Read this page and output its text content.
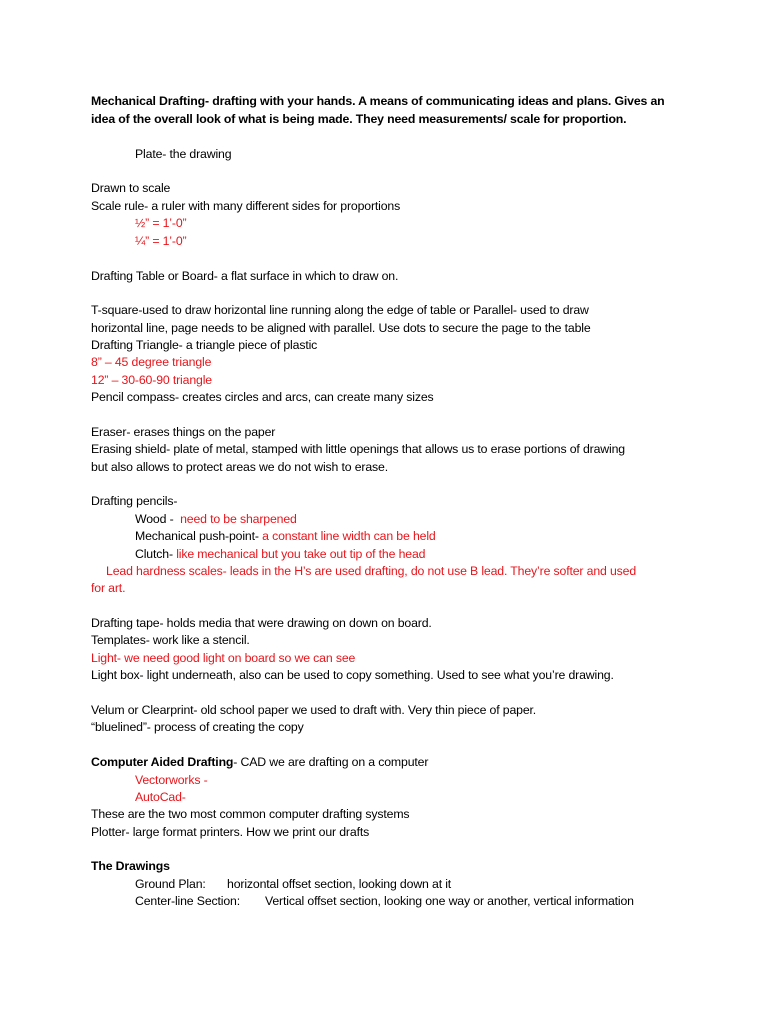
Mechanical Drafting- drafting with your hands. A means of communicating ideas and plans. Gives an
idea of the overall look of what is being made. They need measurements/ scale for proportion.
Plate- the drawing
Drawn to scale
Scale rule- a ruler with many different sides for proportions
½” = 1’-0”
¼” = 1’-0”
Drafting Table or Board- a flat surface in which to draw on.
T-square-used to draw horizontal line running along the edge of table or Parallel- used to draw
horizontal line, page needs to be aligned with parallel. Use dots to secure the page to the table
Drafting Triangle- a triangle piece of plastic
8” – 45 degree triangle
12” – 30-60-90 triangle
Pencil compass- creates circles and arcs, can create many sizes
Eraser- erases things on the paper
Erasing shield- plate of metal, stamped with little openings that allows us to erase portions of drawing
but also allows to protect areas we do not wish to erase.
Drafting pencils-
Wood - need to be sharpened
Mechanical push-point- a constant line width can be held
Clutch- like mechanical but you take out tip of the head
Lead hardness scales- leads in the H’s are used drafting, do not use B lead. They’re softer and used
for art.
Drafting tape- holds media that were drawing on down on board.
Templates- work like a stencil.
Light- we need good light on board so we can see
Light box- light underneath, also can be used to copy something. Used to see what you’re drawing.
Velum or Clearprint- old school paper we used to draft with. Very thin piece of paper.
“bluelined”- process of creating the copy
Computer Aided Drafting- CAD we are drafting on a computer
Vectorworks -
AutoCad-
These are the two most common computer drafting systems
Plotter- large format printers. How we print our drafts
The Drawings
Ground Plan: horizontal offset section, looking down at it
Center-line Section: Vertical offset section, looking one way or another, vertical information
